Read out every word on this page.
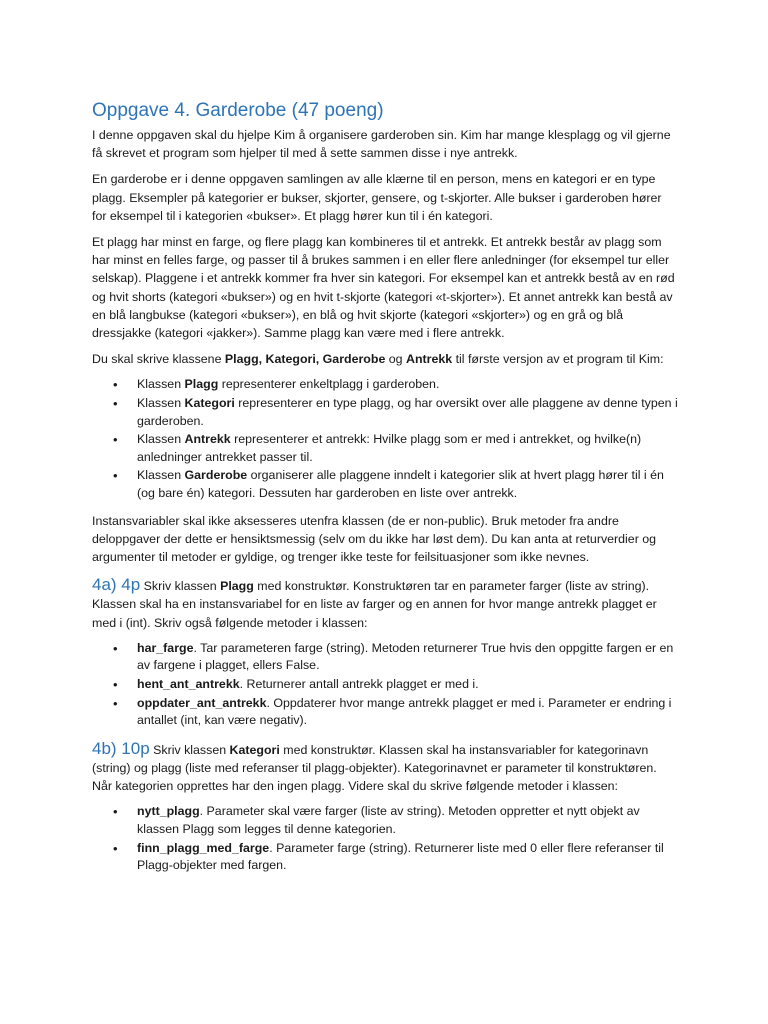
Oppgave 4. Garderobe (47 poeng)

I denne oppgaven skal du hjelpe Kim å organisere garderoben sin. Kim har mange klesplagg og vil gjerne få skrevet et program som hjelper til med å sette sammen disse i nye antrekk.

En garderobe er i denne oppgaven samlingen av alle klærne til en person, mens en kategori er en type plagg. Eksempler på kategorier er bukser, skjorter, gensere, og t-skjorter. Alle bukser i garderoben hører for eksempel til i kategorien «bukser». Et plagg hører kun til i én kategori.

Et plagg har minst en farge, og flere plagg kan kombineres til et antrekk. Et antrekk består av plagg som har minst en felles farge, og passer til å brukes sammen i en eller flere anledninger (for eksempel tur eller selskap). Plaggene i et antrekk kommer fra hver sin kategori. For eksempel kan et antrekk bestå av en rød og hvit shorts (kategori «bukser») og en hvit t-skjorte (kategori «t-skjorter»). Et annet antrekk kan bestå av en blå langbukse (kategori «bukser»), en blå og hvit skjorte (kategori «skjorter») og en grå og blå dressjakke (kategori «jakker»). Samme plagg kan være med i flere antrekk.

Du skal skrive klassene Plagg, Kategori, Garderobe og Antrekk til første versjon av et program til Kim:

• Klassen Plagg representerer enkeltplagg i garderoben.
• Klassen Kategori representerer en type plagg, og har oversikt over alle plaggene av denne typen i garderoben.
• Klassen Antrekk representerer et antrekk: Hvilke plagg som er med i antrekket, og hvilke(n) anledninger antrekket passer til.
• Klassen Garderobe organiserer alle plaggene inndelt i kategorier slik at hvert plagg hører til i én (og bare én) kategori. Dessuten har garderoben en liste over antrekk.

Instansvariabler skal ikke aksesseres utenfra klassen (de er non-public). Bruk metoder fra andre deloppgaver der dette er hensiktsmessig (selv om du ikke har løst dem). Du kan anta at returverdier og argumenter til metoder er gyldige, og trenger ikke teste for feilsituasjoner som ikke nevnes.

4a) 4p Skriv klassen Plagg med konstruktør. Konstruktøren tar en parameter farger (liste av string). Klassen skal ha en instansvariabel for en liste av farger og en annen for hvor mange antrekk plagget er med i (int). Skriv også følgende metoder i klassen:

• har_farge. Tar parameteren farge (string). Metoden returnerer True hvis den oppgitte fargen er en av fargene i plagget, ellers False.
• hent_ant_antrekk. Returnerer antall antrekk plagget er med i.
• oppdater_ant_antrekk. Oppdaterer hvor mange antrekk plagget er med i. Parameter er endring i antallet (int, kan være negativ).

4b) 10p Skriv klassen Kategori med konstruktør. Klassen skal ha instansvariabler for kategorinavn (string) og plagg (liste med referanser til plagg-objekter). Kategorinavnet er parameter til konstruktøren. Når kategorien opprettes har den ingen plagg. Videre skal du skrive følgende metoder i klassen:

• nytt_plagg. Parameter skal være farger (liste av string). Metoden oppretter et nytt objekt av klassen Plagg som legges til denne kategorien.
• finn_plagg_med_farge. Parameter farge (string). Returnerer liste med 0 eller flere referanser til Plagg-objekter med fargen.
